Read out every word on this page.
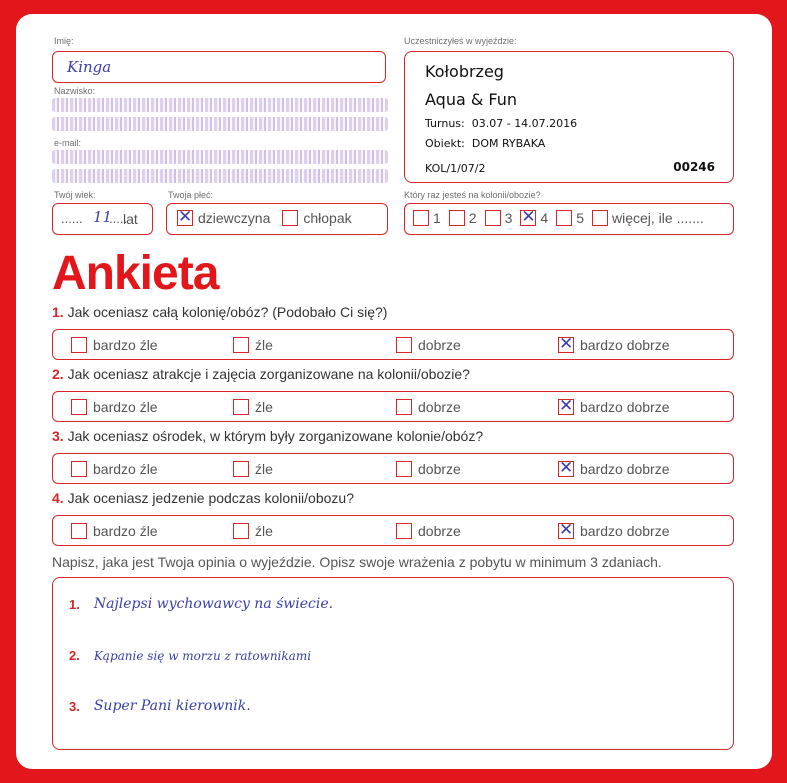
Imię:
Kinga
Nazwisko:
e-mail:
Uczestniczyłeś w wyjeździe:
Kołobrzeg
Aqua & Fun
Turnus: 03.07 - 14.07.2016
Obiekt: DOM RYBAKA
KOL/1/07/2	00246
Twój wiek:
...... 11
.....
lat
Twoja płeć:
✕ dziewczyna chłopak
Który raz jesteś na kolonii/obozie?
1 2 3 ✕ 4 5 więcej, ile .......
Ankieta
1. Jak oceniasz całą kolonię/obóz? (Podobało Ci się?)
bardzo źle	źle	dobrze	✕ bardzo dobrze
2. Jak oceniasz atrakcje i zajęcia zorganizowane na kolonii/obozie?
bardzo źle	źle	dobrze	✕ bardzo dobrze
3. Jak oceniasz ośrodek, w którym były zorganizowane kolonie/obóz?
bardzo źle	źle	dobrze	✕ bardzo dobrze
4. Jak oceniasz jedzenie podczas kolonii/obozu?
bardzo źle	źle	dobrze	✕ bardzo dobrze
Napisz, jaka jest Twoja opinia o wyjeździe. Opisz swoje wrażenia z pobytu w minimum 3 zdaniach.
1. Najlepsi wychowawcy na świecie.
2. Kąpanie się w morzu z ratownikami
3. Super Pani kierownik.
